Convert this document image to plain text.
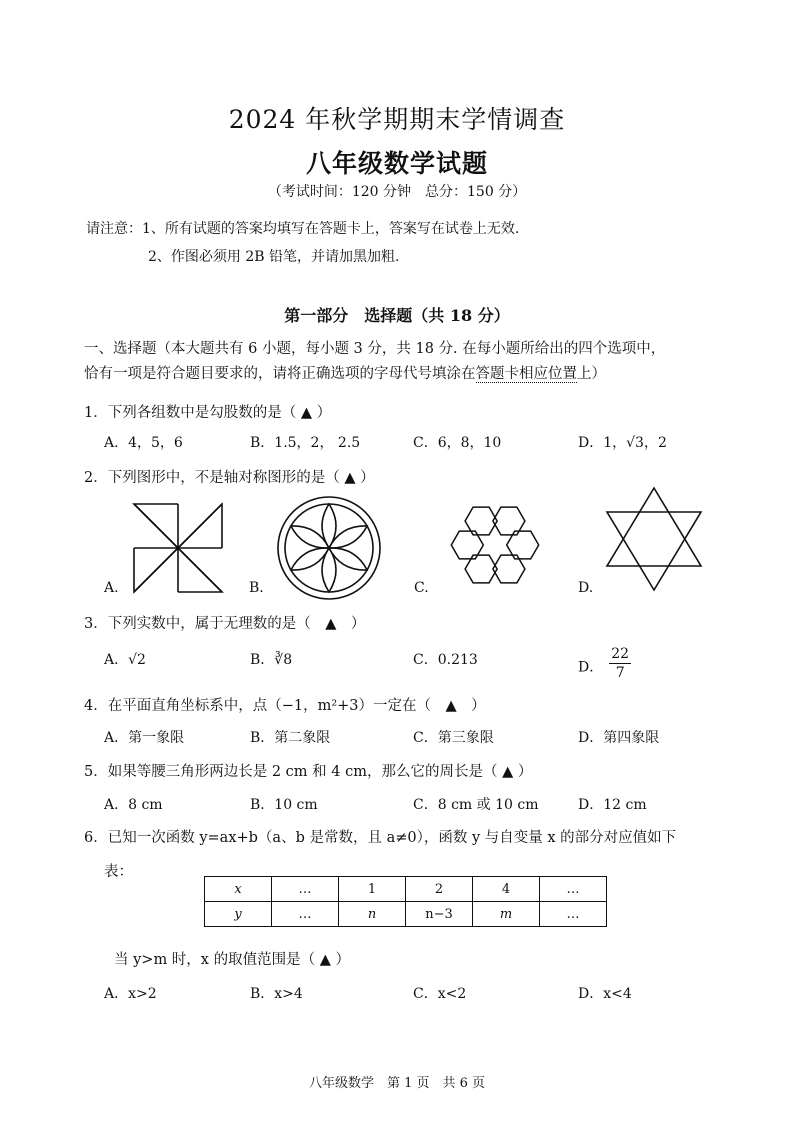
2024 年秋学期期末学情调查
八年级数学试题
（考试时间：120 分钟　总分：150 分）
请注意：1、所有试题的答案均填写在答题卡上，答案写在试卷上无效.
2、作图必须用 2B 铅笔，并请加黑加粗.
第一部分　选择题（共 18 分）
一、选择题（本大题共有 6 小题，每小题 3 分，共 18 分. 在每小题所给出的四个选项中，
恰有一项是符合题目要求的，请将正确选项的字母代号填涂在答题卡相应位置上）
1．下列各组数中是勾股数的是（ ▲ ）
A．4，5，6	B．1.5，2， 2.5	C．6，8，10	D．1，√3，2
2．下列图形中，不是轴对称图形的是（ ▲ ）
A.	B.	C.	D.
3．下列实数中，属于无理数的是（　▲　）
A．√2	B．∛8	C．0.213	D． $\frac{22}{7}$
4．在平面直角坐标系中，点（−1，m²+3）一定在（　▲　）
A．第一象限	B．第二象限	C．第三象限	D．第四象限
5．如果等腰三角形两边长是 2 cm 和 4 cm，那么它的周长是（ ▲ ）
A．8 cm	B．10 cm	C．8 cm 或 10 cm	D．12 cm
6．已知一次函数 y=ax+b（a、b 是常数，且 a≠0），函数 y 与自变量 x 的部分对应值如下
表：
x	…	1	2	4	…
y	…	n	n−3	m	…
当 y>m 时，x 的取值范围是（ ▲ ）
A．x>2	B．x>4	C．x<2	D．x<4
八年级数学　第 1 页　共 6 页
